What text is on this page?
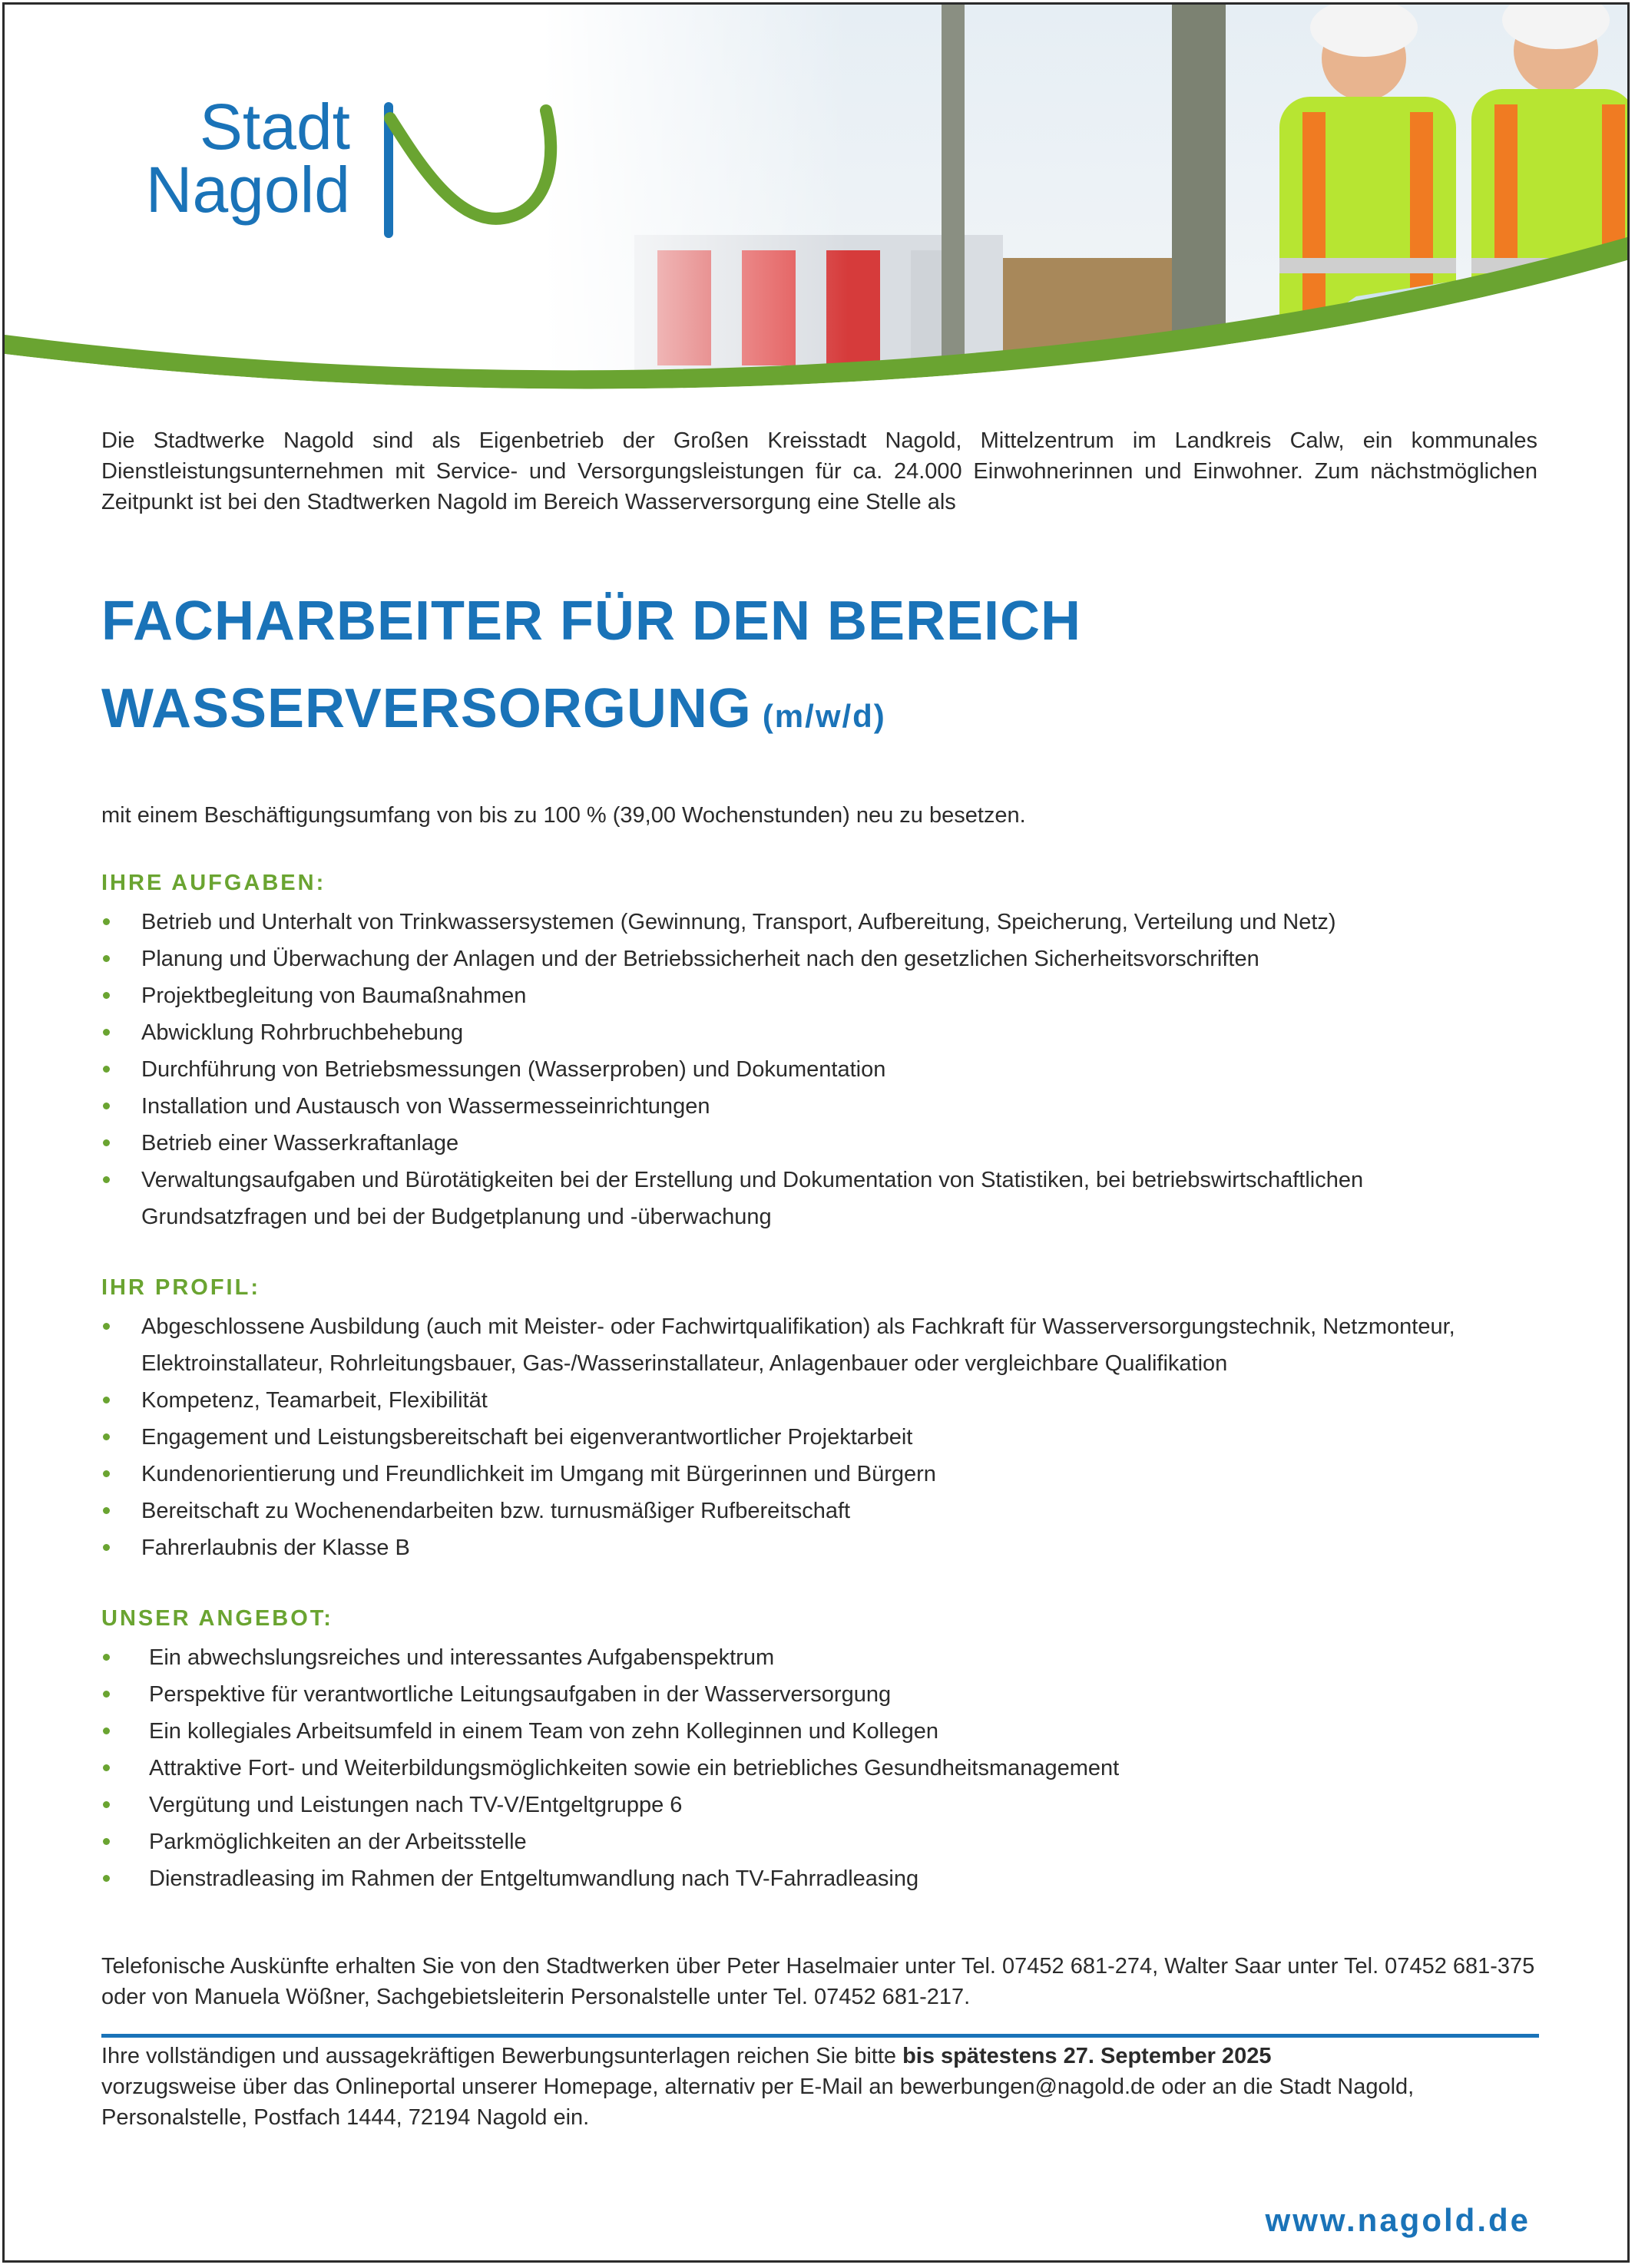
Stadt
Nagold

Die Stadtwerke Nagold sind als Eigenbetrieb der Großen Kreisstadt Nagold, Mittelzentrum im Landkreis Calw, ein kommunales Dienstleistungsunternehmen mit Service- und Versorgungsleistungen für ca. 24.000 Einwohnerinnen und Einwohner. Zum nächstmöglichen Zeitpunkt ist bei den Stadtwerken Nagold im Bereich Wasserversorgung eine Stelle als

FACHARBEITER FÜR DEN BEREICH
WASSERVERSORGUNG (m/w/d)

mit einem Beschäftigungsumfang von bis zu 100 % (39,00 Wochenstunden) neu zu besetzen.

IHRE AUFGABEN:
Betrieb und Unterhalt von Trinkwassersystemen (Gewinnung, Transport, Aufbereitung, Speicherung, Verteilung und Netz)
Planung und Überwachung der Anlagen und der Betriebssicherheit nach den gesetzlichen Sicherheitsvorschriften
Projektbegleitung von Baumaßnahmen
Abwicklung Rohrbruchbehebung
Durchführung von Betriebsmessungen (Wasserproben) und Dokumentation
Installation und Austausch von Wassermesseinrichtungen
Betrieb einer Wasserkraftanlage
Verwaltungsaufgaben und Bürotätigkeiten bei der Erstellung und Dokumentation von Statistiken, bei betriebswirtschaftlichen Grundsatzfragen und bei der Budgetplanung und -überwachung
IHR PROFIL:
Abgeschlossene Ausbildung (auch mit Meister- oder Fachwirtqualifikation) als Fachkraft für Wasserversorgungstechnik, Netzmonteur, Elektroinstallateur, Rohrleitungsbauer, Gas-/Wasserinstallateur, Anlagenbauer oder vergleichbare Qualifikation
Kompetenz, Teamarbeit, Flexibilität
Engagement und Leistungsbereitschaft bei eigenverantwortlicher Projektarbeit
Kundenorientierung und Freundlichkeit im Umgang mit Bürgerinnen und Bürgern
Bereitschaft zu Wochenendarbeiten bzw. turnusmäßiger Rufbereitschaft
Fahrerlaubnis der Klasse B
UNSER ANGEBOT:
Ein abwechslungsreiches und interessantes Aufgabenspektrum
Perspektive für verantwortliche Leitungsaufgaben in der Wasserversorgung
Ein kollegiales Arbeitsumfeld in einem Team von zehn Kolleginnen und Kollegen
Attraktive Fort- und Weiterbildungsmöglichkeiten sowie ein betriebliches Gesundheitsmanagement
Vergütung und Leistungen nach TV-V/Entgeltgruppe 6
Parkmöglichkeiten an der Arbeitsstelle
Dienstradleasing im Rahmen der Entgeltumwandlung nach TV-Fahrradleasing

Telefonische Auskünfte erhalten Sie von den Stadtwerken über Peter Haselmaier unter Tel. 07452 681-274, Walter Saar unter Tel. 07452 681-375 oder von Manuela Wößner, Sachgebietsleiterin Personalstelle unter Tel. 07452 681-217.

Ihre vollständigen und aussagekräftigen Bewerbungsunterlagen reichen Sie bitte bis spätestens 27. September 2025
vorzugsweise über das Onlineportal unserer Homepage, alternativ per E-Mail an bewerbungen@nagold.de oder an die Stadt Nagold, Personalstelle, Postfach 1444, 72194 Nagold ein.
www.nagold.de
